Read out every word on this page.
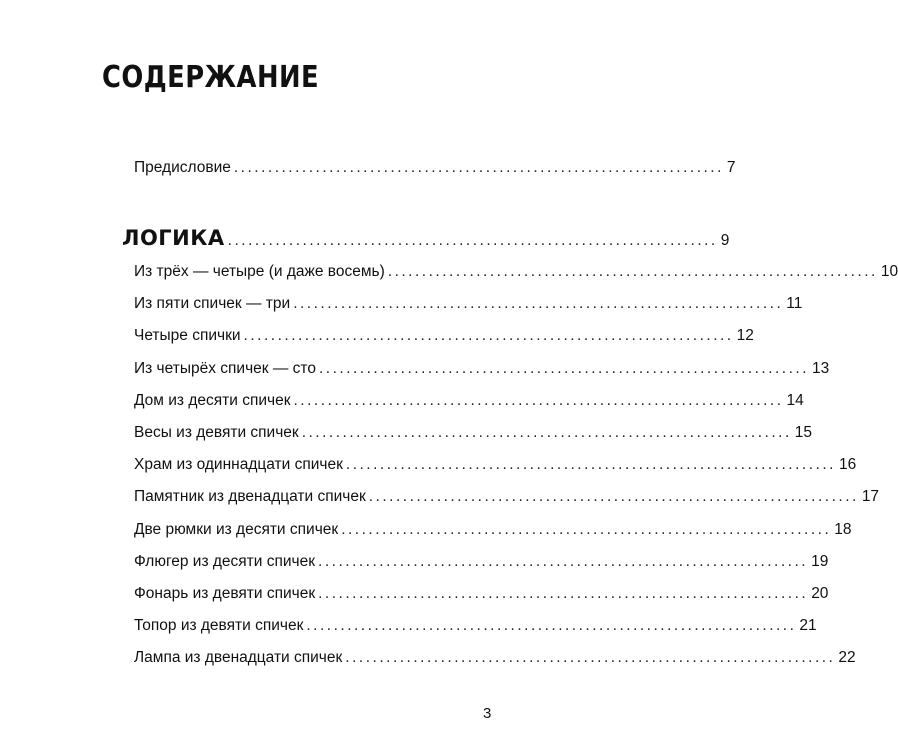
СОДЕРЖАНИЕ
Предисловие ........................................................................ 7
ЛОГИКА ........................................................................ 9
Из трёх — четыре (и даже восемь) ........................................................................ 10
Из пяти спичек — три ........................................................................ 11
Четыре спички ........................................................................ 12
Из четырёх спичек — сто ........................................................................ 13
Дом из десяти спичек ........................................................................ 14
Весы из девяти спичек ........................................................................ 15
Храм из одиннадцати спичек ........................................................................ 16
Памятник из двенадцати спичек ........................................................................ 17
Две рюмки из десяти спичек ........................................................................ 18
Флюгер из десяти спичек ........................................................................ 19
Фонарь из девяти спичек ........................................................................ 20
Топор из девяти спичек ........................................................................ 21
Лампа из двенадцати спичек ........................................................................ 22
3
